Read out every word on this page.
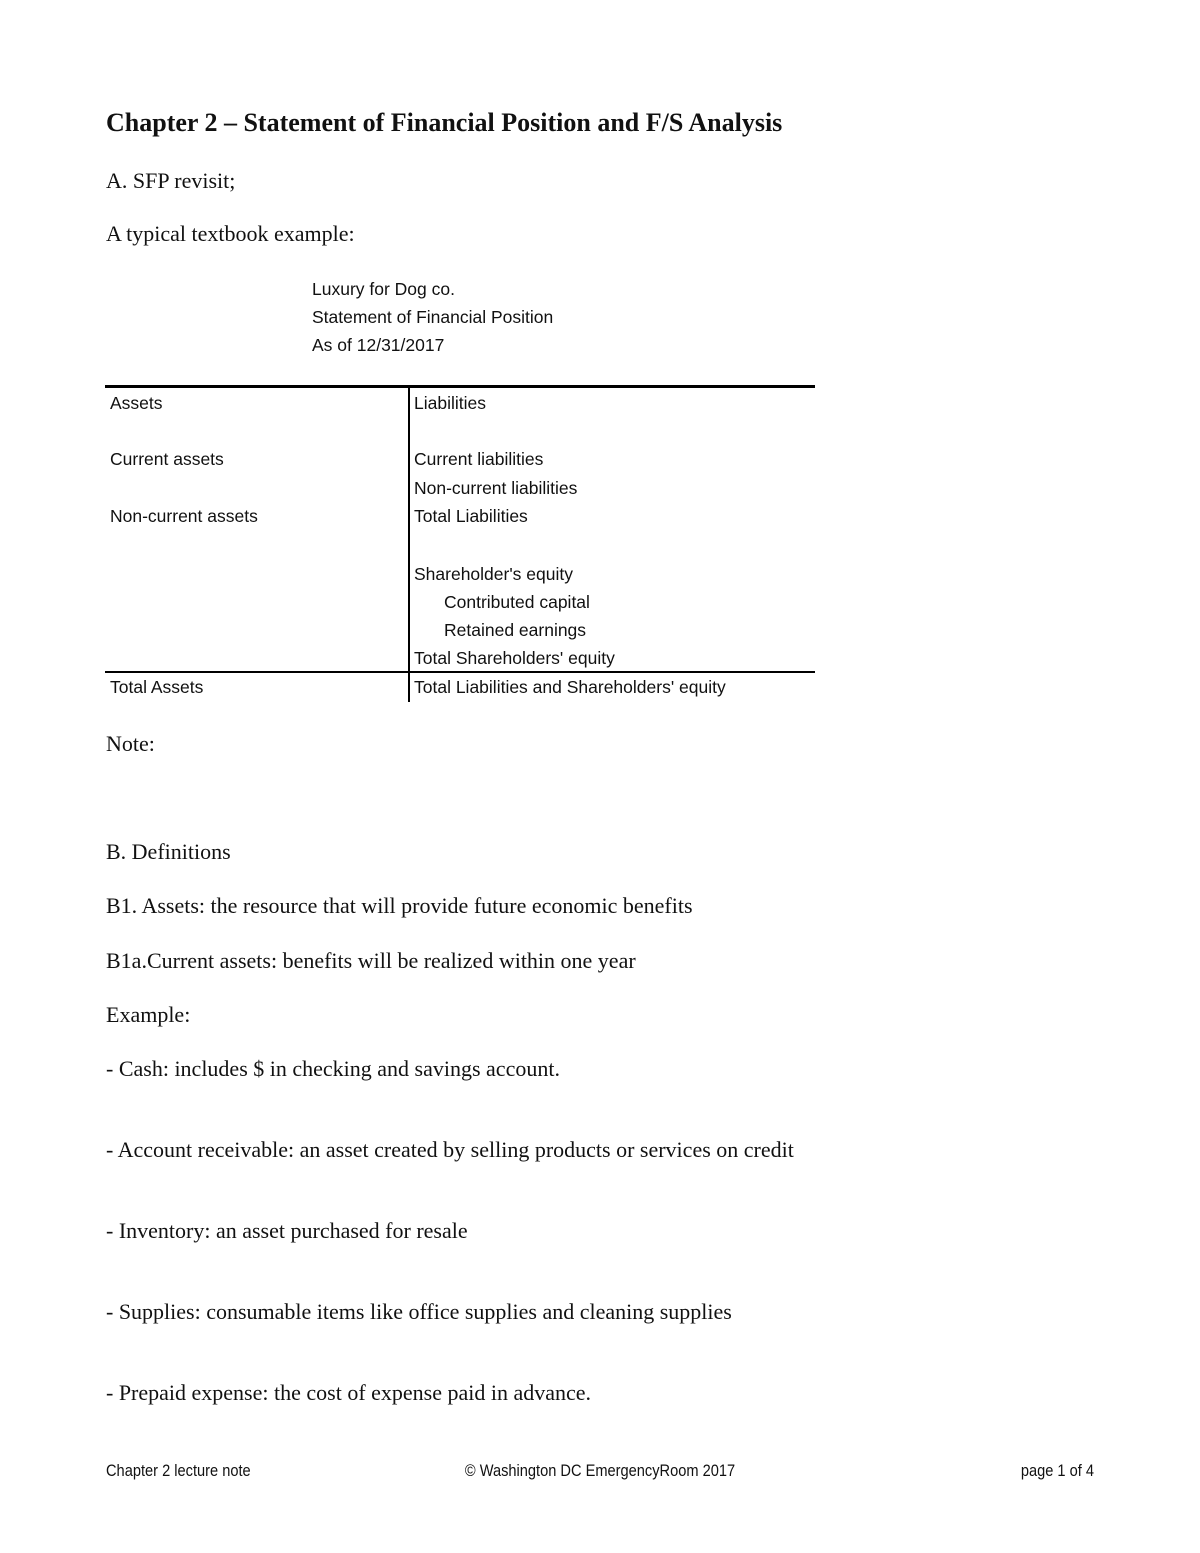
Chapter 2 – Statement of Financial Position and F/S Analysis
A. SFP revisit;
A typical textbook example:
Luxury for Dog co.
Statement of Financial Position
As of 12/31/2017
Assets
Current assets
Non-current assets
Total Assets
Liabilities
Current liabilities
Non-current liabilities
Total Liabilities
Shareholder's equity
Contributed capital
Retained earnings
Total Shareholders' equity
Total Liabilities and Shareholders' equity
Note:
B. Definitions
B1. Assets: the resource that will provide future economic benefits
B1a.Current assets: benefits will be realized within one year
Example:
- Cash: includes $ in checking and savings account.
- Account receivable: an asset created by selling products or services on credit
- Inventory: an asset purchased for resale
- Supplies: consumable items like office supplies and cleaning supplies
- Prepaid expense: the cost of expense paid in advance.
Chapter 2 lecture note	© Washington DC EmergencyRoom 2017	page 1 of 4
